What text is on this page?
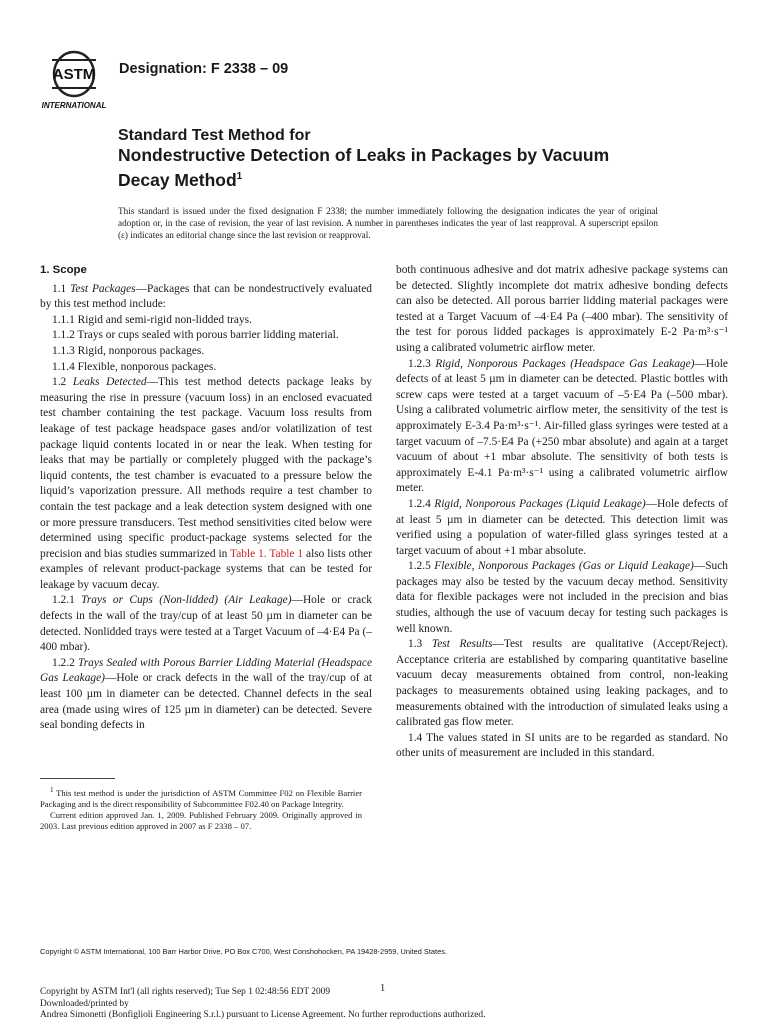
ASTM
INTERNATIONAL
Designation: F 2338 – 09
Standard Test Method for
Nondestructive Detection of Leaks in Packages by Vacuum
Decay Method$^1$
This standard is issued under the fixed designation F 2338; the number immediately following the designation indicates the year of original adoption or, in the case of revision, the year of last revision. A number in parentheses indicates the year of last reapproval. A superscript epsilon (ε) indicates an editorial change since the last revision or reapproval.

1. Scope

1.1 Test Packages—Packages that can be nondestructively evaluated by this test method include:

1.1.1 Rigid and semi-rigid non-lidded trays.

1.1.2 Trays or cups sealed with porous barrier lidding material.

1.1.3 Rigid, nonporous packages.

1.1.4 Flexible, nonporous packages.

1.2 Leaks Detected—This test method detects package leaks by measuring the rise in pressure (vacuum loss) in an enclosed evacuated test chamber containing the test package. Vacuum loss results from leakage of test package headspace gases and/or volatilization of test package liquid contents located in or near the leak. When testing for leaks that may be partially or completely plugged with the package’s liquid contents, the test chamber is evacuated to a pressure below the liquid’s vaporization pressure. All methods require a test chamber to contain the test package and a leak detection system designed with one or more pressure transducers. Test method sensitivities cited below were determined using specific product-package systems selected for the precision and bias studies summarized in Table 1. Table 1 also lists other examples of relevant product-package systems that can be tested for leakage by vacuum decay.

1.2.1 Trays or Cups (Non-lidded) (Air Leakage)—Hole or crack defects in the wall of the tray/cup of at least 50 µm in diameter can be detected. Nonlidded trays were tested at a Target Vacuum of –4·E4 Pa (–400 mbar).

1.2.2 Trays Sealed with Porous Barrier Lidding Material (Headspace Gas Leakage)—Hole or crack defects in the wall of the tray/cup of at least 100 µm in diameter can be detected. Channel defects in the seal area (made using wires of 125 µm in diameter) can be detected. Severe seal bonding defects in

both continuous adhesive and dot matrix adhesive package systems can be detected. Slightly incomplete dot matrix adhesive bonding defects can also be detected. All porous barrier lidding material packages were tested at a Target Vacuum of –4·E4 Pa (–400 mbar). The sensitivity of the test for porous lidded packages is approximately E-2 Pa·m³·s⁻¹ using a calibrated volumetric airflow meter.

1.2.3 Rigid, Nonporous Packages (Headspace Gas Leakage)—Hole defects of at least 5 µm in diameter can be detected. Plastic bottles with screw caps were tested at a target vacuum of –5·E4 Pa (–500 mbar). Using a calibrated volumetric airflow meter, the sensitivity of the test is approximately E-3.4 Pa·m³·s⁻¹. Air-filled glass syringes were tested at a target vacuum of –7.5·E4 Pa (+250 mbar absolute) and again at a target vacuum of about +1 mbar absolute. The sensitivity of both tests is approximately E-4.1 Pa·m³·s⁻¹ using a calibrated volumetric airflow meter.

1.2.4 Rigid, Nonporous Packages (Liquid Leakage)—Hole defects of at least 5 µm in diameter can be detected. This detection limit was verified using a population of water-filled glass syringes tested at a target vacuum of about +1 mbar absolute.

1.2.5 Flexible, Nonporous Packages (Gas or Liquid Leakage)—Such packages may also be tested by the vacuum decay method. Sensitivity data for flexible packages were not included in the precision and bias studies, although the use of vacuum decay for testing such packages is well known.

1.3 Test Results—Test results are qualitative (Accept/Reject). Acceptance criteria are established by comparing quantitative baseline vacuum decay measurements obtained from control, non-leaking packages to measurements obtained using leaking packages, and to measurements obtained with the introduction of simulated leaks using a calibrated gas flow meter.

1.4 The values stated in SI units are to be regarded as standard. No other units of measurement are included in this standard.

$^1$ This test method is under the jurisdiction of ASTM Committee F02 on Flexible Barrier Packaging and is the direct responsibility of Subcommittee F02.40 on Package Integrity.

Current edition approved Jan. 1, 2009. Published February 2009. Originally approved in 2003. Last previous edition approved in 2007 as F 2338 – 07.

Copyright © ASTM International, 100 Barr Harbor Drive, PO Box C700, West Conshohocken, PA 19428-2959, United States.
1
Copyright by ASTM Int'l (all rights reserved); Tue Sep 1 02:48:56 EDT 2009
Downloaded/printed by
Andrea Simonetti (Bonfiglioli Engineering S.r.l.) pursuant to License Agreement. No further reproductions authorized.
